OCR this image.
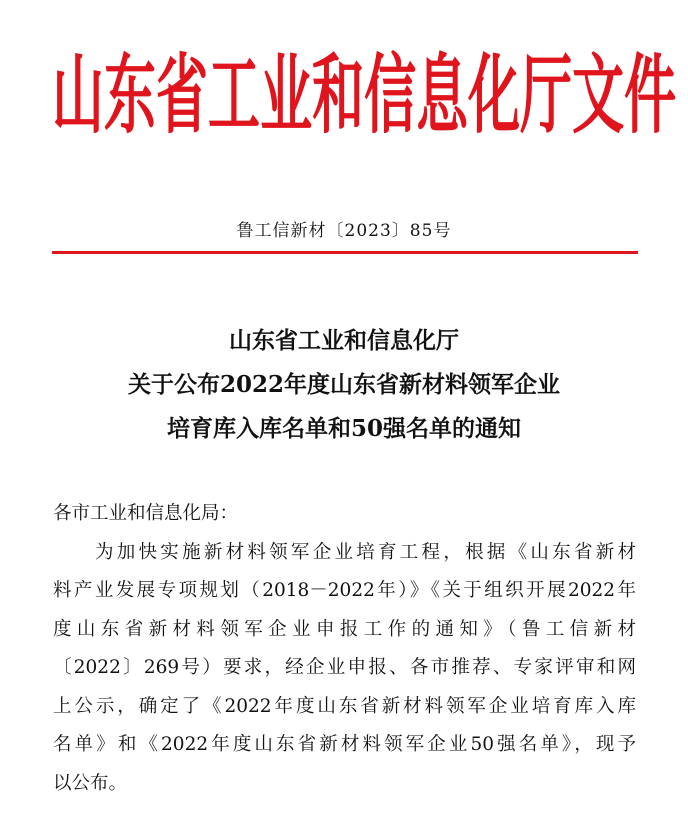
山 东 省 工 业 和 信 息 化 厅 文 件
鲁工信新材〔2023〕85号
山东省工业和信息化厅
关于公布2022年度山东省新材料领军企业
培育库入库名单和50强名单的通知
各市工业和信息化局：
为加快实施新材料领军企业培育工程，根据《山东省新材
料产业发展专项规划（2018－2022年）》《关于组织开展2022年
度山东省新材料领军企业申报工作的通知》（鲁工信新材
〔2022〕269号）要求，经企业申报、各市推荐、专家评审和网
上公示，确定了《2022年度山东省新材料领军企业培育库入库
名单》和《2022年度山东省新材料领军企业50强名单》，现予
以公布。
